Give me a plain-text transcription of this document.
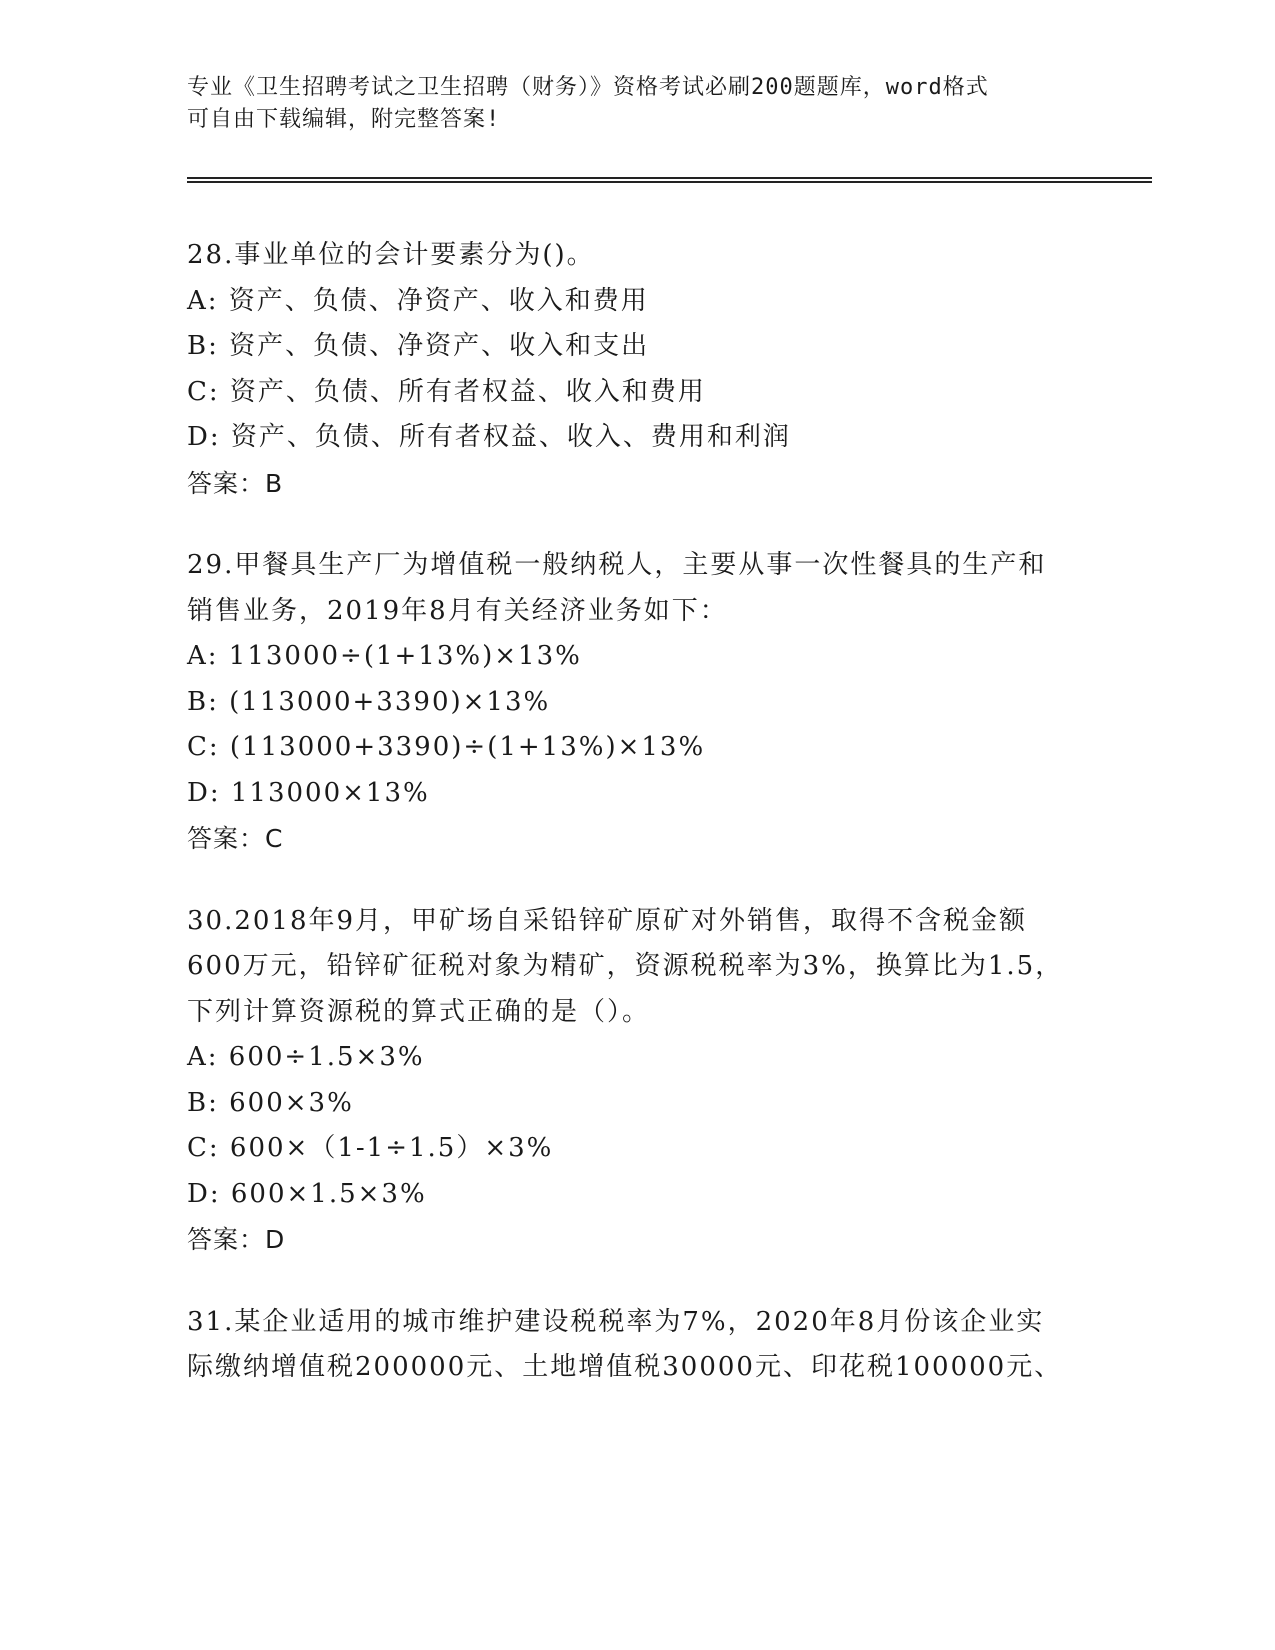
专业《卫生招聘考试之卫生招聘（财务）》资格考试必刷200题题库，word格式
可自由下载编辑，附完整答案!
28.事业单位的会计要素分为()。
A: 资产、负债、净资产、收入和费用
B: 资产、负债、净资产、收入和支出
C: 资产、负债、所有者权益、收入和费用
D: 资产、负债、所有者权益、收入、费用和利润
答案：B
29.甲餐具生产厂为增值税一般纳税人，主要从事一次性餐具的生产和
销售业务，2019年8月有关经济业务如下：
A: 113000÷(1+13%)×13%
B: (113000+3390)×13%
C: (113000+3390)÷(1+13%)×13%
D: 113000×13%
答案：C
30.2018年9月，甲矿场自采铅锌矿原矿对外销售，取得不含税金额
600万元，铅锌矿征税对象为精矿，资源税税率为3%，换算比为1.5，
下列计算资源税的算式正确的是（）。
A: 600÷1.5×3%
B: 600×3%
C: 600×（1-1÷1.5）×3%
D: 600×1.5×3%
答案：D
31.某企业适用的城市维护建设税税率为7%，2020年8月份该企业实
际缴纳增值税200000元、土地增值税30000元、印花税100000元、
